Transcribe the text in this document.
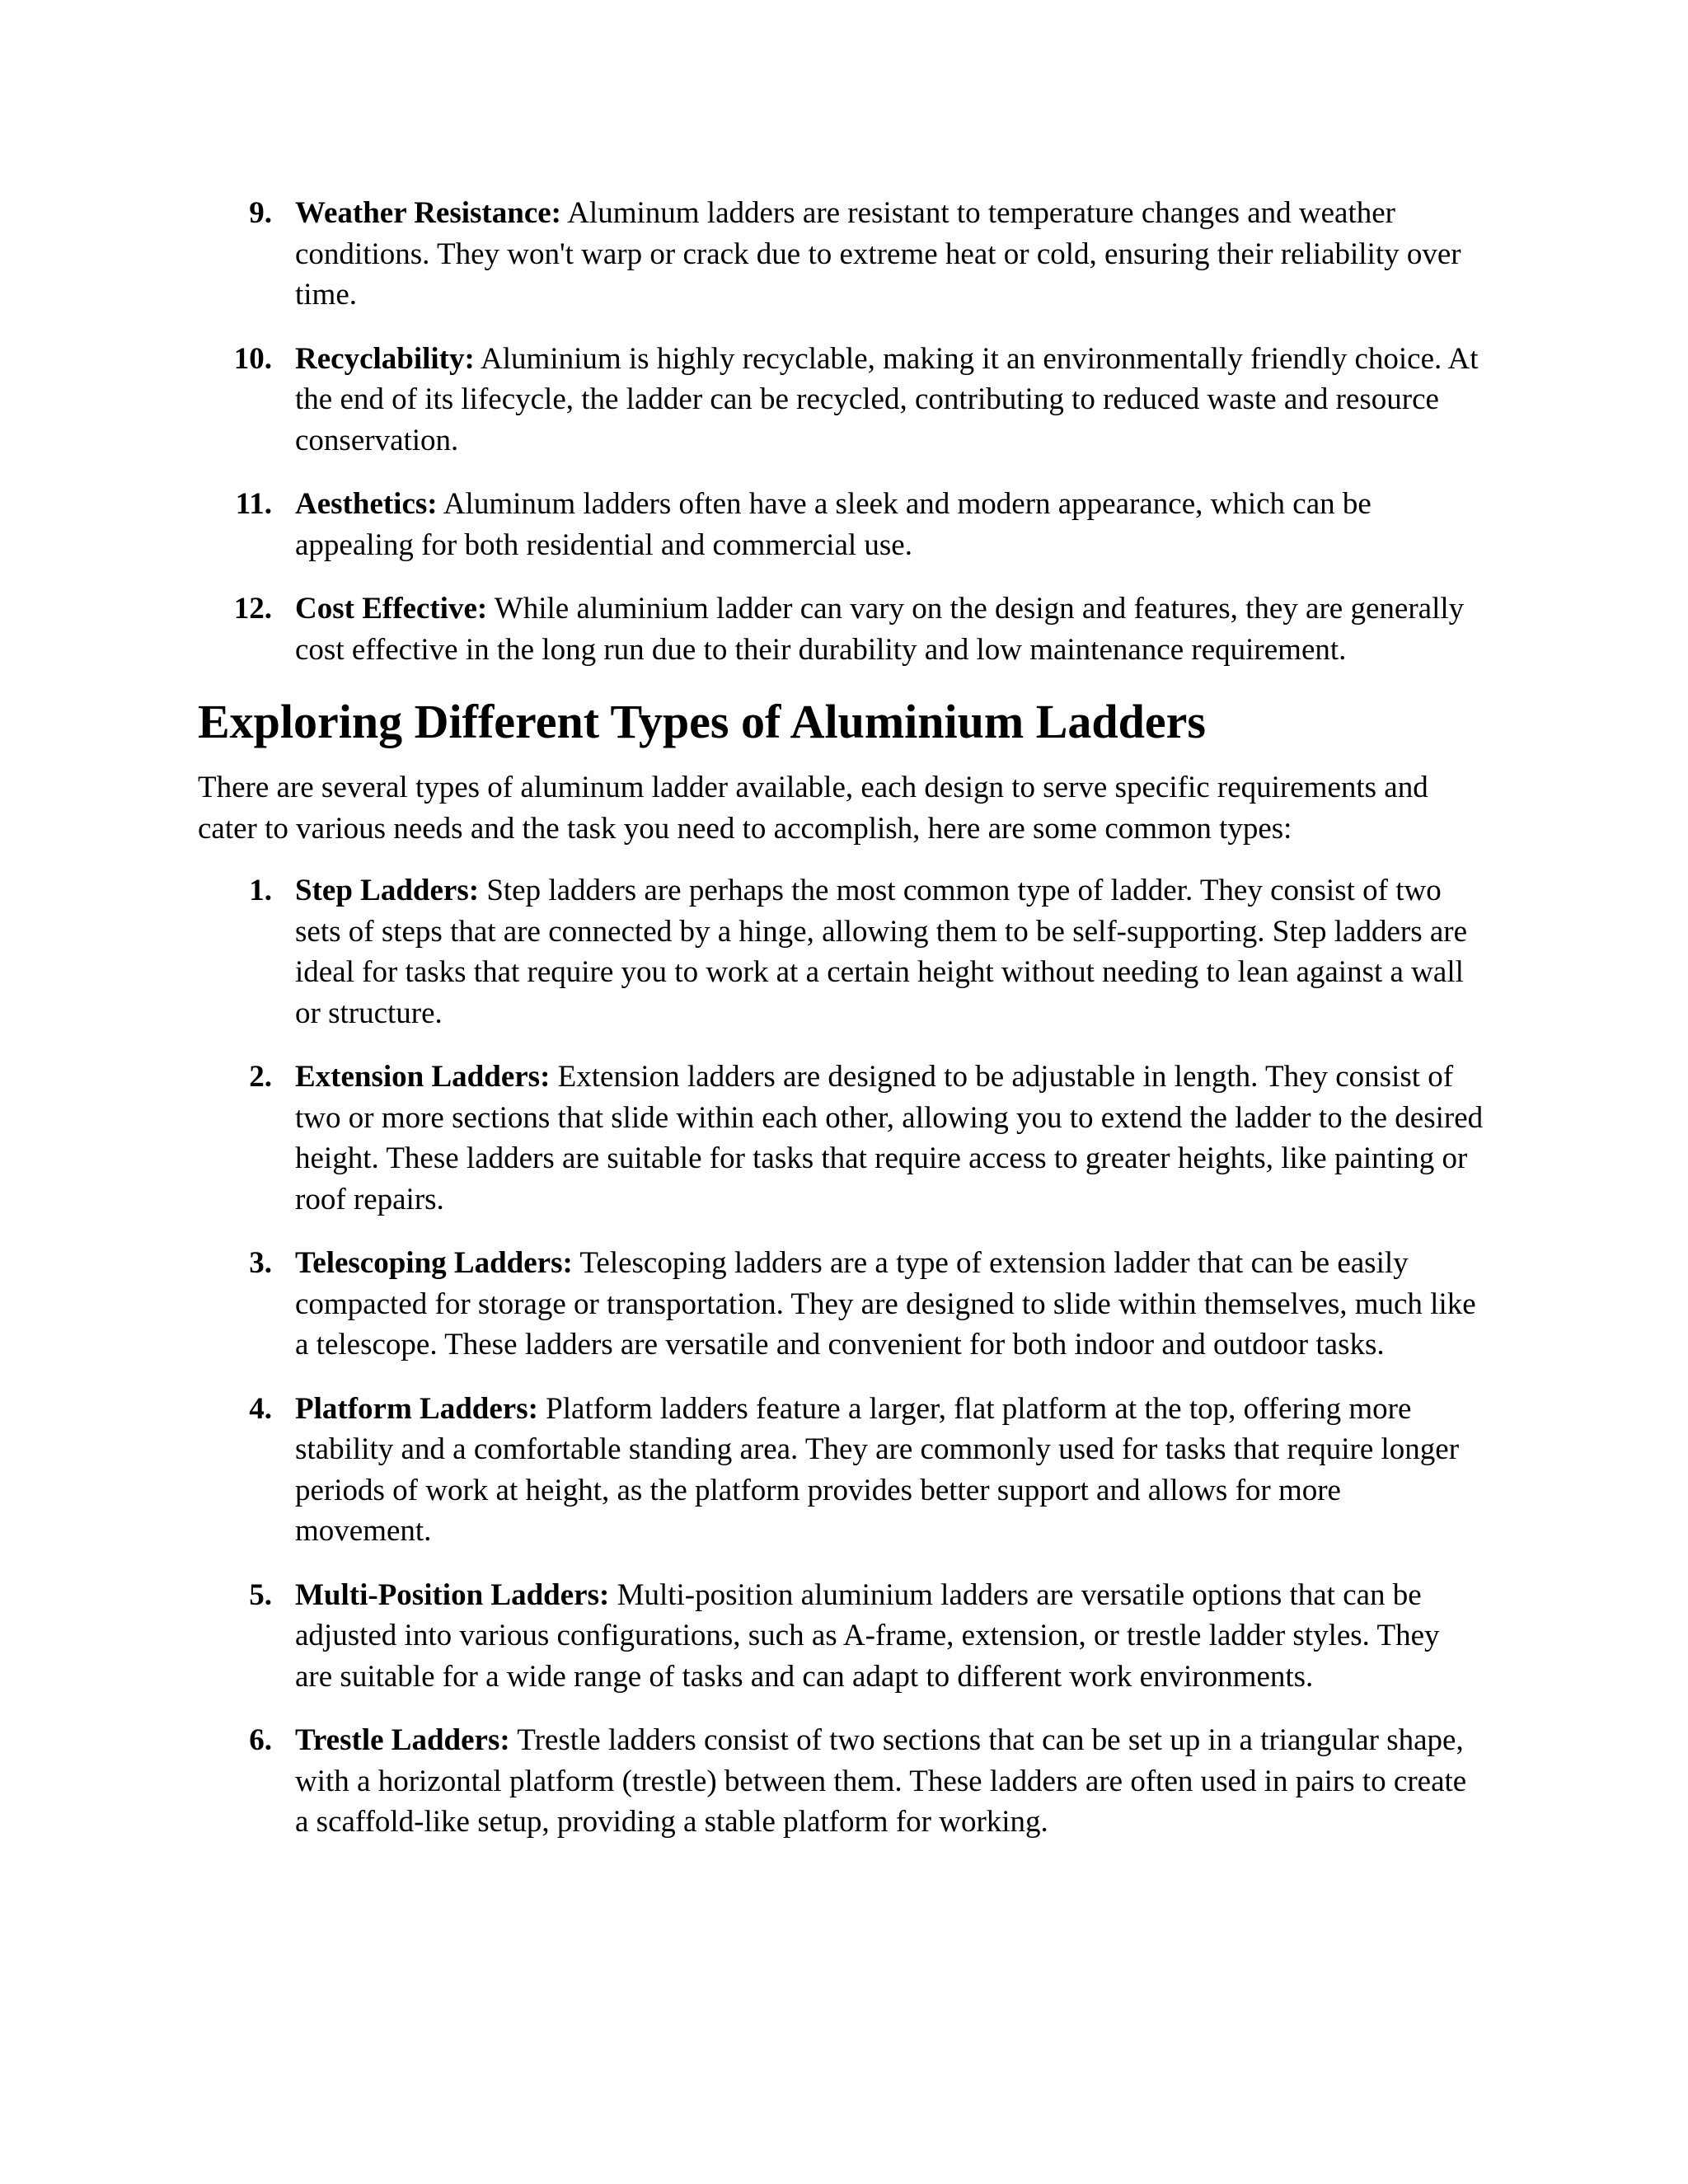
9. Weather Resistance: Aluminum ladders are resistant to temperature changes and weather conditions. They won't warp or crack due to extreme heat or cold, ensuring their reliability over time.
10. Recyclability: Aluminium is highly recyclable, making it an environmentally friendly choice. At the end of its lifecycle, the ladder can be recycled, contributing to reduced waste and resource conservation.
11. Aesthetics: Aluminum ladders often have a sleek and modern appearance, which can be appealing for both residential and commercial use.
12. Cost Effective: While aluminium ladder can vary on the design and features, they are generally cost effective in the long run due to their durability and low maintenance requirement.
Exploring Different Types of Aluminium Ladders

There are several types of aluminum ladder available, each design to serve specific requirements and cater to various needs and the task you need to accomplish, here are some common types:

1. Step Ladders: Step ladders are perhaps the most common type of ladder. They consist of two sets of steps that are connected by a hinge, allowing them to be self-supporting. Step ladders are ideal for tasks that require you to work at a certain height without needing to lean against a wall or structure.
2. Extension Ladders: Extension ladders are designed to be adjustable in length. They consist of two or more sections that slide within each other, allowing you to extend the ladder to the desired height. These ladders are suitable for tasks that require access to greater heights, like painting or roof repairs.
3. Telescoping Ladders: Telescoping ladders are a type of extension ladder that can be easily compacted for storage or transportation. They are designed to slide within themselves, much like a telescope. These ladders are versatile and convenient for both indoor and outdoor tasks.
4. Platform Ladders: Platform ladders feature a larger, flat platform at the top, offering more stability and a comfortable standing area. They are commonly used for tasks that require longer periods of work at height, as the platform provides better support and allows for more movement.
5. Multi-Position Ladders: Multi-position aluminium ladders are versatile options that can be adjusted into various configurations, such as A-frame, extension, or trestle ladder styles. They are suitable for a wide range of tasks and can adapt to different work environments.
6. Trestle Ladders: Trestle ladders consist of two sections that can be set up in a triangular shape, with a horizontal platform (trestle) between them. These ladders are often used in pairs to create a scaffold-like setup, providing a stable platform for working.
